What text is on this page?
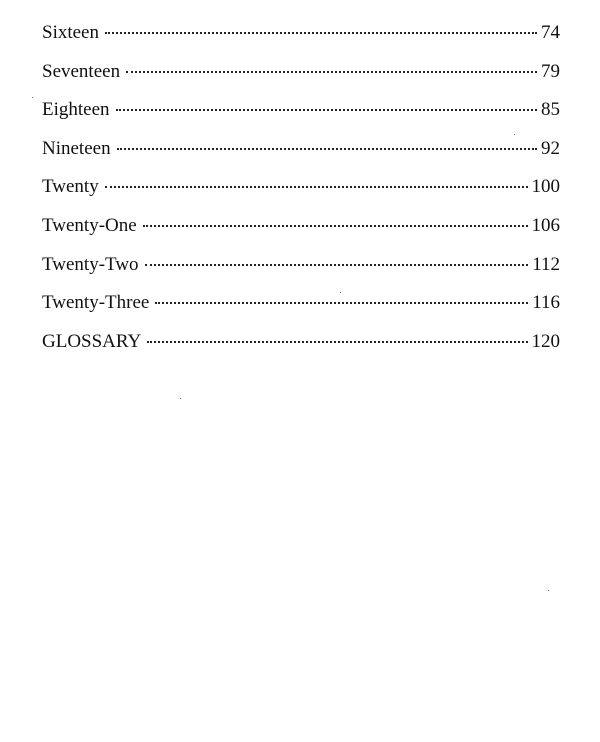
Sixteen	74
Seventeen	79
Eighteen	85
Nineteen	92
Twenty	100
Twenty-One	106
Twenty-Two	112
Twenty-Three	116
GLOSSARY	120
